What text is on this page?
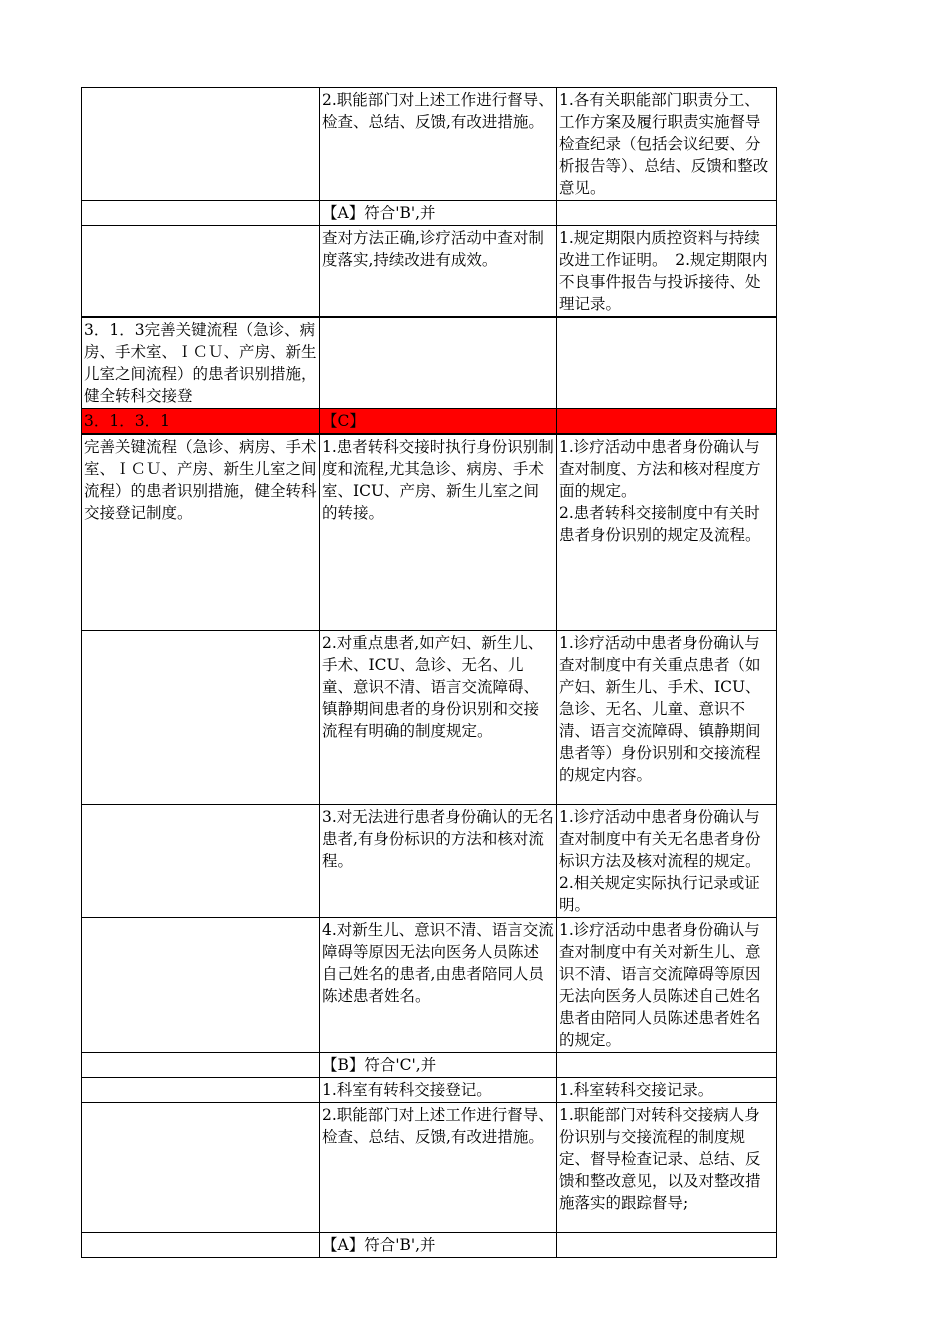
	2.职能部门对上述工作进行督导、检查、总结、反馈,有改进措施。	1.各有关职能部门职责分工、工作方案及履行职责实施督导检查纪录（包括会议纪要、分析报告等）、总结、反馈和整改意见。
	【A】符合'B',并	
	查对方法正确,诊疗活动中查对制度落实,持续改进有成效。	1.规定期限内质控资料与持续改进工作证明。　2.规定期限内不良事件报告与投诉接待、处理记录。
3．1．3完善关键流程（急诊、病房、手术室、ＩＣＵ、产房、新生儿室之间流程）的患者识别措施，健全转科交接登		
3．1．3．1	【C】	
完善关键流程（急诊、病房、手术室、ＩＣＵ、产房、新生儿室之间流程）的患者识别措施，健全转科交接登记制度。	1.患者转科交接时执行身份识别制度和流程,尤其急诊、病房、手术室、ICU、产房、新生儿室之间的转接。	1.诊疗活动中患者身份确认与查对制度、方法和核对程度方面的规定。
2.患者转科交接制度中有关时患者身份识别的规定及流程。
	2.对重点患者,如产妇、新生儿、手术、ICU、急诊、无名、儿童、意识不清、语言交流障碍、镇静期间患者的身份识别和交接流程有明确的制度规定。	1.诊疗活动中患者身份确认与查对制度中有关重点患者（如产妇、新生儿、手术、ICU、急诊、无名、儿童、意识不清、语言交流障碍、镇静期间患者等）身份识别和交接流程的规定内容。
	3.对无法进行患者身份确认的无名患者,有身份标识的方法和核对流程。	1.诊疗活动中患者身份确认与查对制度中有关无名患者身份标识方法及核对流程的规定。　2.相关规定实际执行记录或证明。
	4.对新生儿、意识不清、语言交流障碍等原因无法向医务人员陈述自己姓名的患者,由患者陪同人员陈述患者姓名。	1.诊疗活动中患者身份确认与查对制度中有关对新生儿、意识不清、语言交流障碍等原因无法向医务人员陈述自己姓名患者由陪同人员陈述患者姓名的规定。
	【B】符合'C',并	
	1.科室有转科交接登记。	1.科室转科交接记录。
	2.职能部门对上述工作进行督导、检查、总结、反馈,有改进措施。	1.职能部门对转科交接病人身份识别与交接流程的制度规定、督导检查记录、总结、反馈和整改意见，以及对整改措施落实的跟踪督导;
	【A】符合'B',并	
